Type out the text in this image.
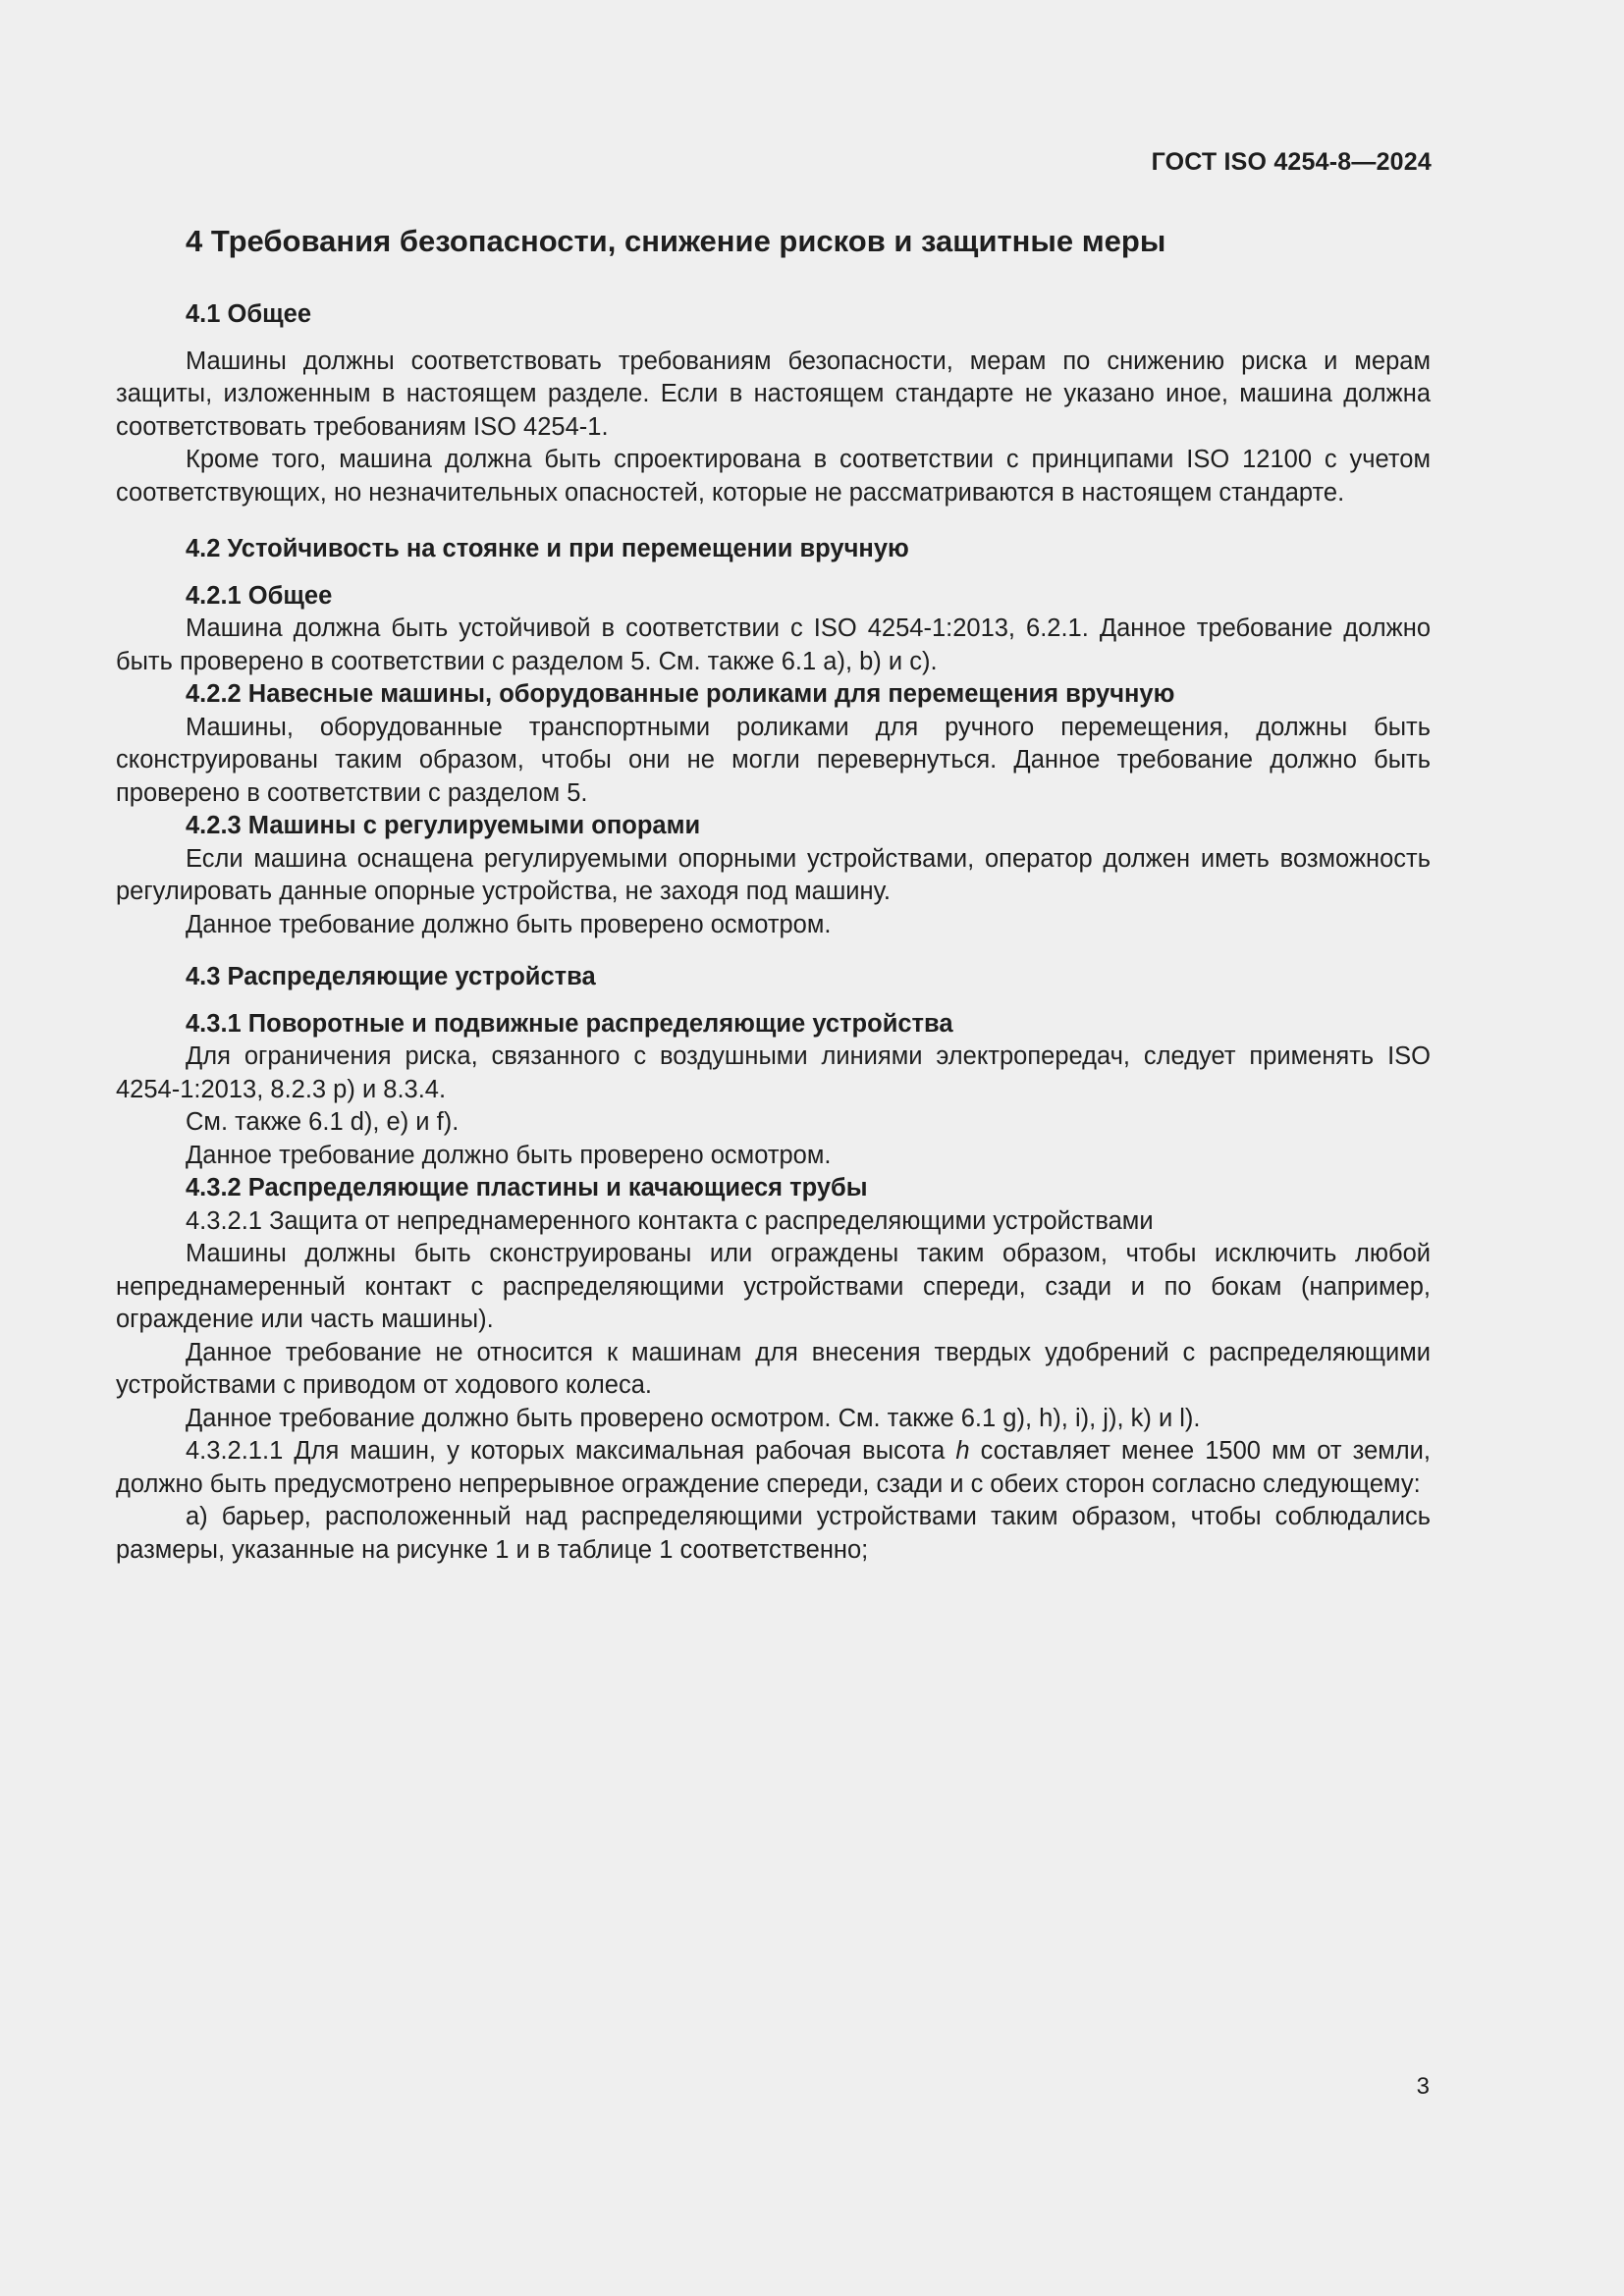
ГОСТ ISO 4254-8—2024
4 Требования безопасности, снижение рисков и защитные меры
4.1 Общее
Машины должны соответствовать требованиям безопасности, мерам по снижению риска и мерам защиты, изложенным в настоящем разделе. Если в настоящем стандарте не указано иное, машина должна соответствовать требованиям ISO 4254-1.
Кроме того, машина должна быть спроектирована в соответствии с принципами ISO 12100 с учетом соответствующих, но незначительных опасностей, которые не рассматриваются в настоящем стандарте.
4.2 Устойчивость на стоянке и при перемещении вручную
4.2.1 Общее
Машина должна быть устойчивой в соответствии с ISO 4254-1:2013, 6.2.1. Данное требование должно быть проверено в соответствии с разделом 5. См. также 6.1 a), b) и c).
4.2.2 Навесные машины, оборудованные роликами для перемещения вручную
Машины, оборудованные транспортными роликами для ручного перемещения, должны быть сконструированы таким образом, чтобы они не могли перевернуться. Данное требование должно быть проверено в соответствии с разделом 5.
4.2.3 Машины с регулируемыми опорами
Если машина оснащена регулируемыми опорными устройствами, оператор должен иметь возможность регулировать данные опорные устройства, не заходя под машину.
Данное требование должно быть проверено осмотром.
4.3 Распределяющие устройства
4.3.1 Поворотные и подвижные распределяющие устройства
Для ограничения риска, связанного с воздушными линиями электропередач, следует применять ISO 4254-1:2013, 8.2.3 p) и 8.3.4.
См. также 6.1 d), e) и f).
Данное требование должно быть проверено осмотром.
4.3.2 Распределяющие пластины и качающиеся трубы
4.3.2.1 Защита от непреднамеренного контакта с распределяющими устройствами
Машины должны быть сконструированы или ограждены таким образом, чтобы исключить любой непреднамеренный контакт с распределяющими устройствами спереди, сзади и по бокам (например, ограждение или часть машины).
Данное требование не относится к машинам для внесения твердых удобрений с распределяющими устройствами с приводом от ходового колеса.
Данное требование должно быть проверено осмотром. См. также 6.1 g), h), i), j), k) и l).
4.3.2.1.1 Для машин, у которых максимальная рабочая высота h составляет менее 1500 мм от земли, должно быть предусмотрено непрерывное ограждение спереди, сзади и с обеих сторон согласно следующему:
a) барьер, расположенный над распределяющими устройствами таким образом, чтобы соблюдались размеры, указанные на рисунке 1 и в таблице 1 соответственно;
3
